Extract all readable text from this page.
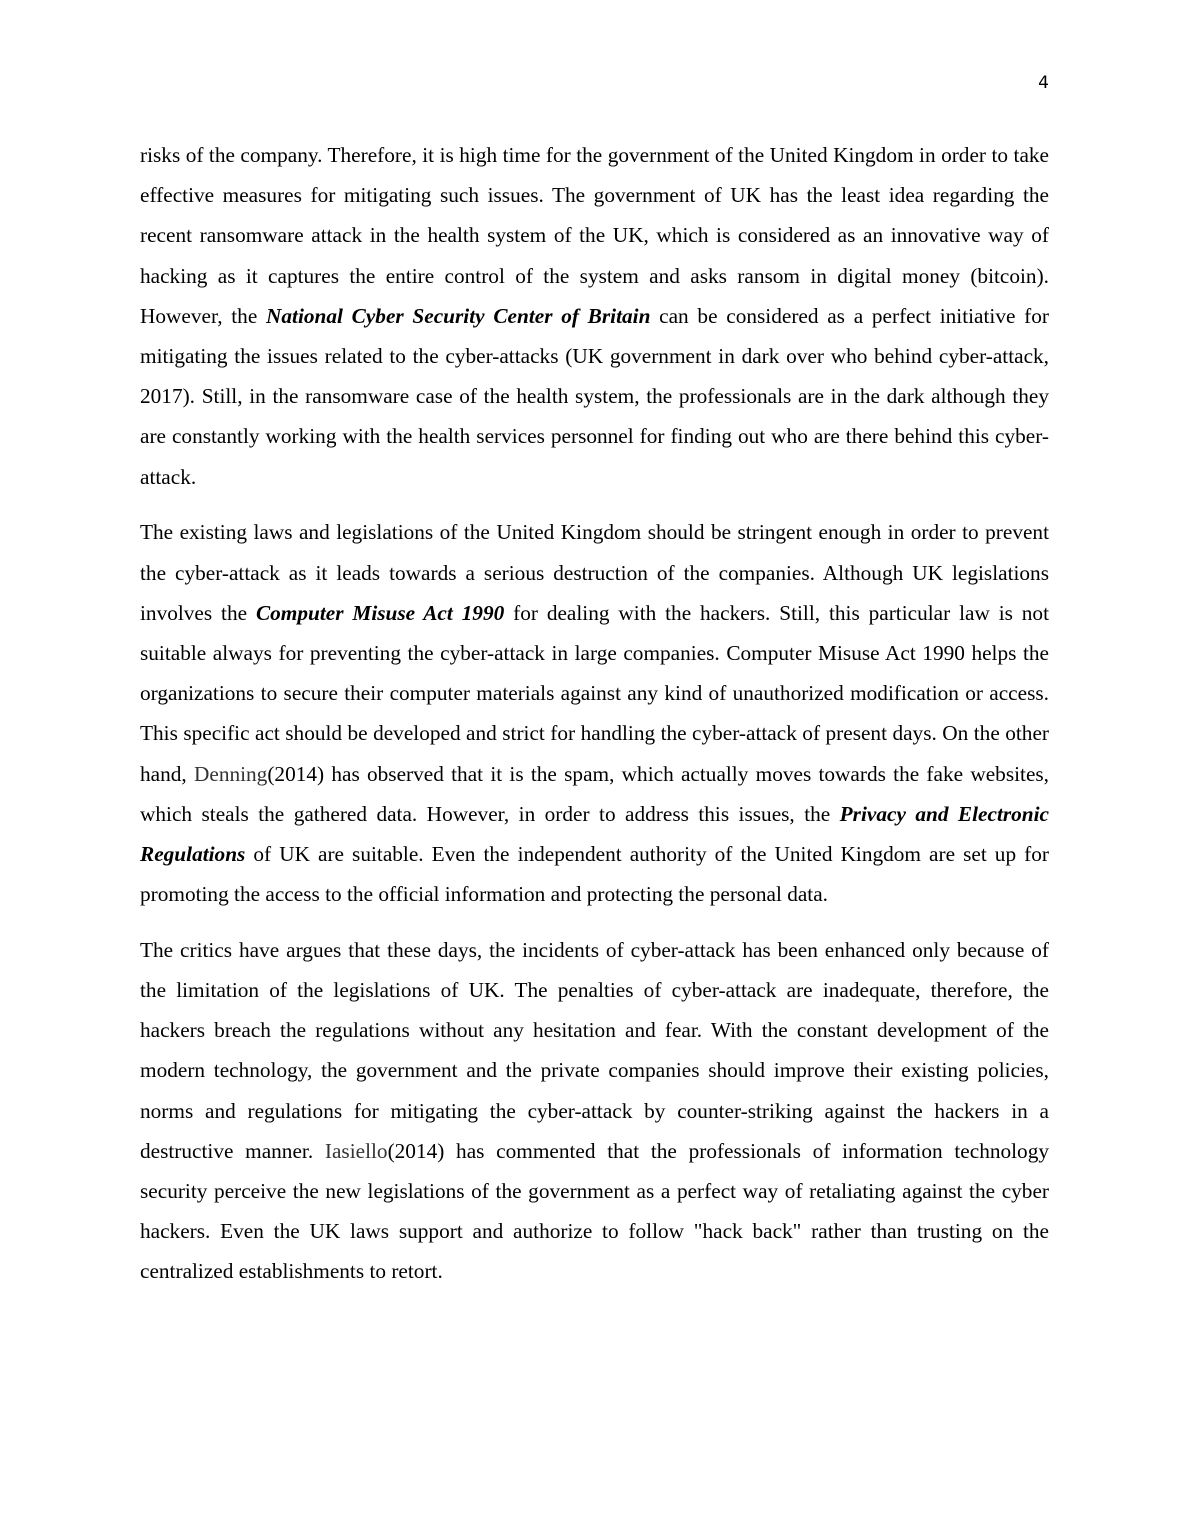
4

risks of the company. Therefore, it is high time for the government of the United Kingdom in order to take effective measures for mitigating such issues. The government of UK has the least idea regarding the recent ransomware attack in the health system of the UK, which is considered as an innovative way of hacking as it captures the entire control of the system and asks ransom in digital money (bitcoin). However, the National Cyber Security Center of Britain can be considered as a perfect initiative for mitigating the issues related to the cyber-attacks (UK government in dark over who behind cyber-attack, 2017). Still, in the ransomware case of the health system, the professionals are in the dark although they are constantly working with the health services personnel for finding out who are there behind this cyber-attack.

The existing laws and legislations of the United Kingdom should be stringent enough in order to prevent the cyber-attack as it leads towards a serious destruction of the companies. Although UK legislations involves the Computer Misuse Act 1990 for dealing with the hackers. Still, this particular law is not suitable always for preventing the cyber-attack in large companies. Computer Misuse Act 1990 helps the organizations to secure their computer materials against any kind of unauthorized modification or access. This specific act should be developed and strict for handling the cyber-attack of present days. On the other hand, Denning(2014) has observed that it is the spam, which actually moves towards the fake websites, which steals the gathered data. However, in order to address this issues, the Privacy and Electronic Regulations of UK are suitable. Even the independent authority of the United Kingdom are set up for promoting the access to the official information and protecting the personal data.

The critics have argues that these days, the incidents of cyber-attack has been enhanced only because of the limitation of the legislations of UK. The penalties of cyber-attack are inadequate, therefore, the hackers breach the regulations without any hesitation and fear. With the constant development of the modern technology, the government and the private companies should improve their existing policies, norms and regulations for mitigating the cyber-attack by counter-striking against the hackers in a destructive manner. Iasiello(2014) has commented that the professionals of information technology security perceive the new legislations of the government as a perfect way of retaliating against the cyber hackers. Even the UK laws support and authorize to follow "hack back" rather than trusting on the centralized establishments to retort.
